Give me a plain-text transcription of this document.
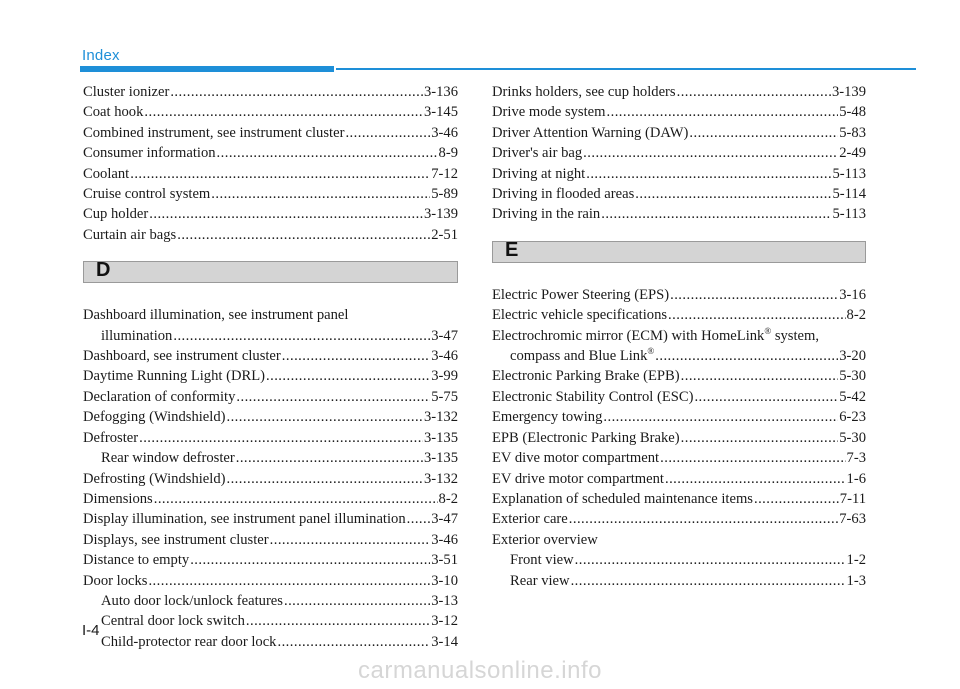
Index
Cluster ionizer . . .	3-136
Coat hook . . .	3-145
Combined instrument, see instrument cluster . . .	3-46
Consumer information . . .	8-9
Coolant . . .	7-12
Cruise control system . . .	5-89
Cup holder . . .	3-139
Curtain air bags . . .	2-51
D
Dashboard illumination, see instrument panel
illumination . . .	3-47
Dashboard, see instrument cluster . . .	3-46
Daytime Running Light (DRL) . . .	3-99
Declaration of conformity . . .	5-75
Defogging (Windshield) . . .	3-132
Defroster . . .	3-135
Rear window defroster . . .	3-135
Defrosting (Windshield) . . .	3-132
Dimensions . . .	8-2
Display illumination, see instrument panel illumination . . . 3-47
Displays, see instrument cluster . . .	3-46
Distance to empty . . .	3-51
Door locks . . .	3-10
Auto door lock/unlock features . . .	3-13
Central door lock switch . . .	3-12
Child-protector rear door lock . . .	3-14
Drinks holders, see cup holders . . .	3-139
Drive mode system . . .	5-48
Driver Attention Warning (DAW) . . .	5-83
Driver's air bag . . .	2-49
Driving at night . . .	5-113
Driving in flooded areas . . .	5-114
Driving in the rain . . .	5-113
E
Electric Power Steering (EPS) . . .	3-16
Electric vehicle specifications . . .	8-2
Electrochromic mirror (ECM) with HomeLink® system,
compass and Blue Link® . . .	3-20
Electronic Parking Brake (EPB) . . .	5-30
Electronic Stability Control (ESC) . . .	5-42
Emergency towing . . .	6-23
EPB (Electronic Parking Brake) . . .	5-30
EV dive motor compartment . . .	7-3
EV drive motor compartment . . .	1-6
Explanation of scheduled maintenance items . . .	7-11
Exterior care . . .	7-63
Exterior overview
Front view . . .	1-2
Rear view . . .	1-3
I-4
carmanualsonline.info
